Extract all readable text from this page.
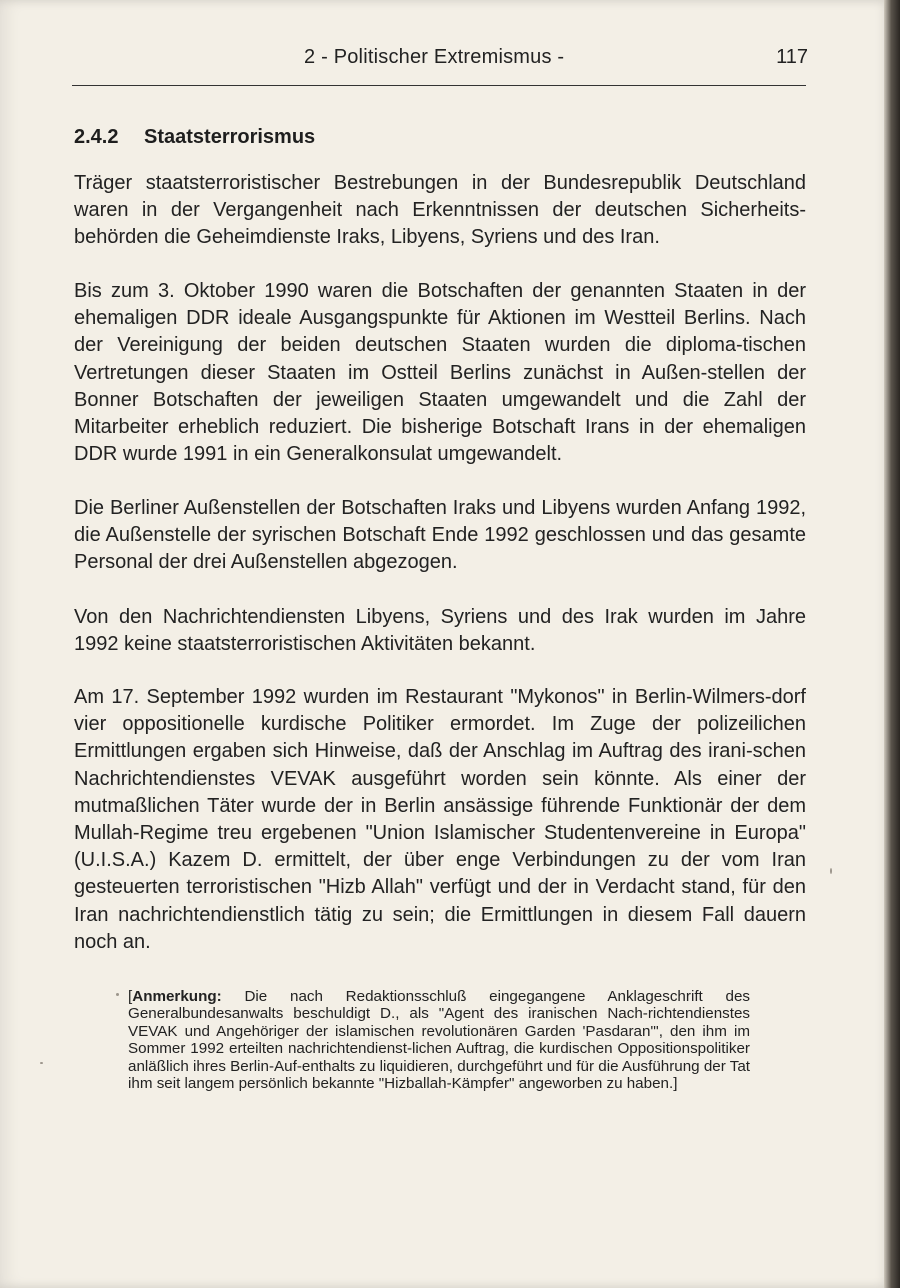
2 - Politischer Extremismus -	117
2.4.2 Staatsterrorismus

Träger staatsterroristischer Bestrebungen in der Bundesrepublik Deutschland waren in der Vergangenheit nach Erkenntnissen der deutschen Sicherheits-behörden die Geheimdienste Iraks, Libyens, Syriens und des Iran.

Bis zum 3. Oktober 1990 waren die Botschaften der genannten Staaten in der ehemaligen DDR ideale Ausgangspunkte für Aktionen im Westteil Berlins. Nach der Vereinigung der beiden deutschen Staaten wurden die diploma-tischen Vertretungen dieser Staaten im Ostteil Berlins zunächst in Außen-stellen der Bonner Botschaften der jeweiligen Staaten umgewandelt und die Zahl der Mitarbeiter erheblich reduziert. Die bisherige Botschaft Irans in der ehemaligen DDR wurde 1991 in ein Generalkonsulat umgewandelt.

Die Berliner Außenstellen der Botschaften Iraks und Libyens wurden Anfang 1992, die Außenstelle der syrischen Botschaft Ende 1992 geschlossen und das gesamte Personal der drei Außenstellen abgezogen.

Von den Nachrichtendiensten Libyens, Syriens und des Irak wurden im Jahre 1992 keine staatsterroristischen Aktivitäten bekannt.

Am 17. September 1992 wurden im Restaurant "Mykonos" in Berlin-Wilmers-dorf vier oppositionelle kurdische Politiker ermordet. Im Zuge der polizeilichen Ermittlungen ergaben sich Hinweise, daß der Anschlag im Auftrag des irani-schen Nachrichtendienstes VEVAK ausgeführt worden sein könnte. Als einer der mutmaßlichen Täter wurde der in Berlin ansässige führende Funktionär der dem Mullah-Regime treu ergebenen "Union Islamischer Studentenvereine in Europa" (U.I.S.A.) Kazem D. ermittelt, der über enge Verbindungen zu der vom Iran gesteuerten terroristischen "Hizb Allah" verfügt und der in Verdacht stand, für den Iran nachrichtendienstlich tätig zu sein; die Ermittlungen in diesem Fall dauern noch an.

[Anmerkung: Die nach Redaktionsschluß eingegangene Anklageschrift des Generalbundesanwalts beschuldigt D., als "Agent des iranischen Nach-richtendienstes VEVAK und Angehöriger der islamischen revolutionären Garden 'Pasdaran'", den ihm im Sommer 1992 erteilten nachrichtendienst-lichen Auftrag, die kurdischen Oppositionspolitiker anläßlich ihres Berlin-Auf-enthalts zu liquidieren, durchgeführt und für die Ausführung der Tat ihm seit langem persönlich bekannte "Hizballah-Kämpfer" angeworben zu haben.]
